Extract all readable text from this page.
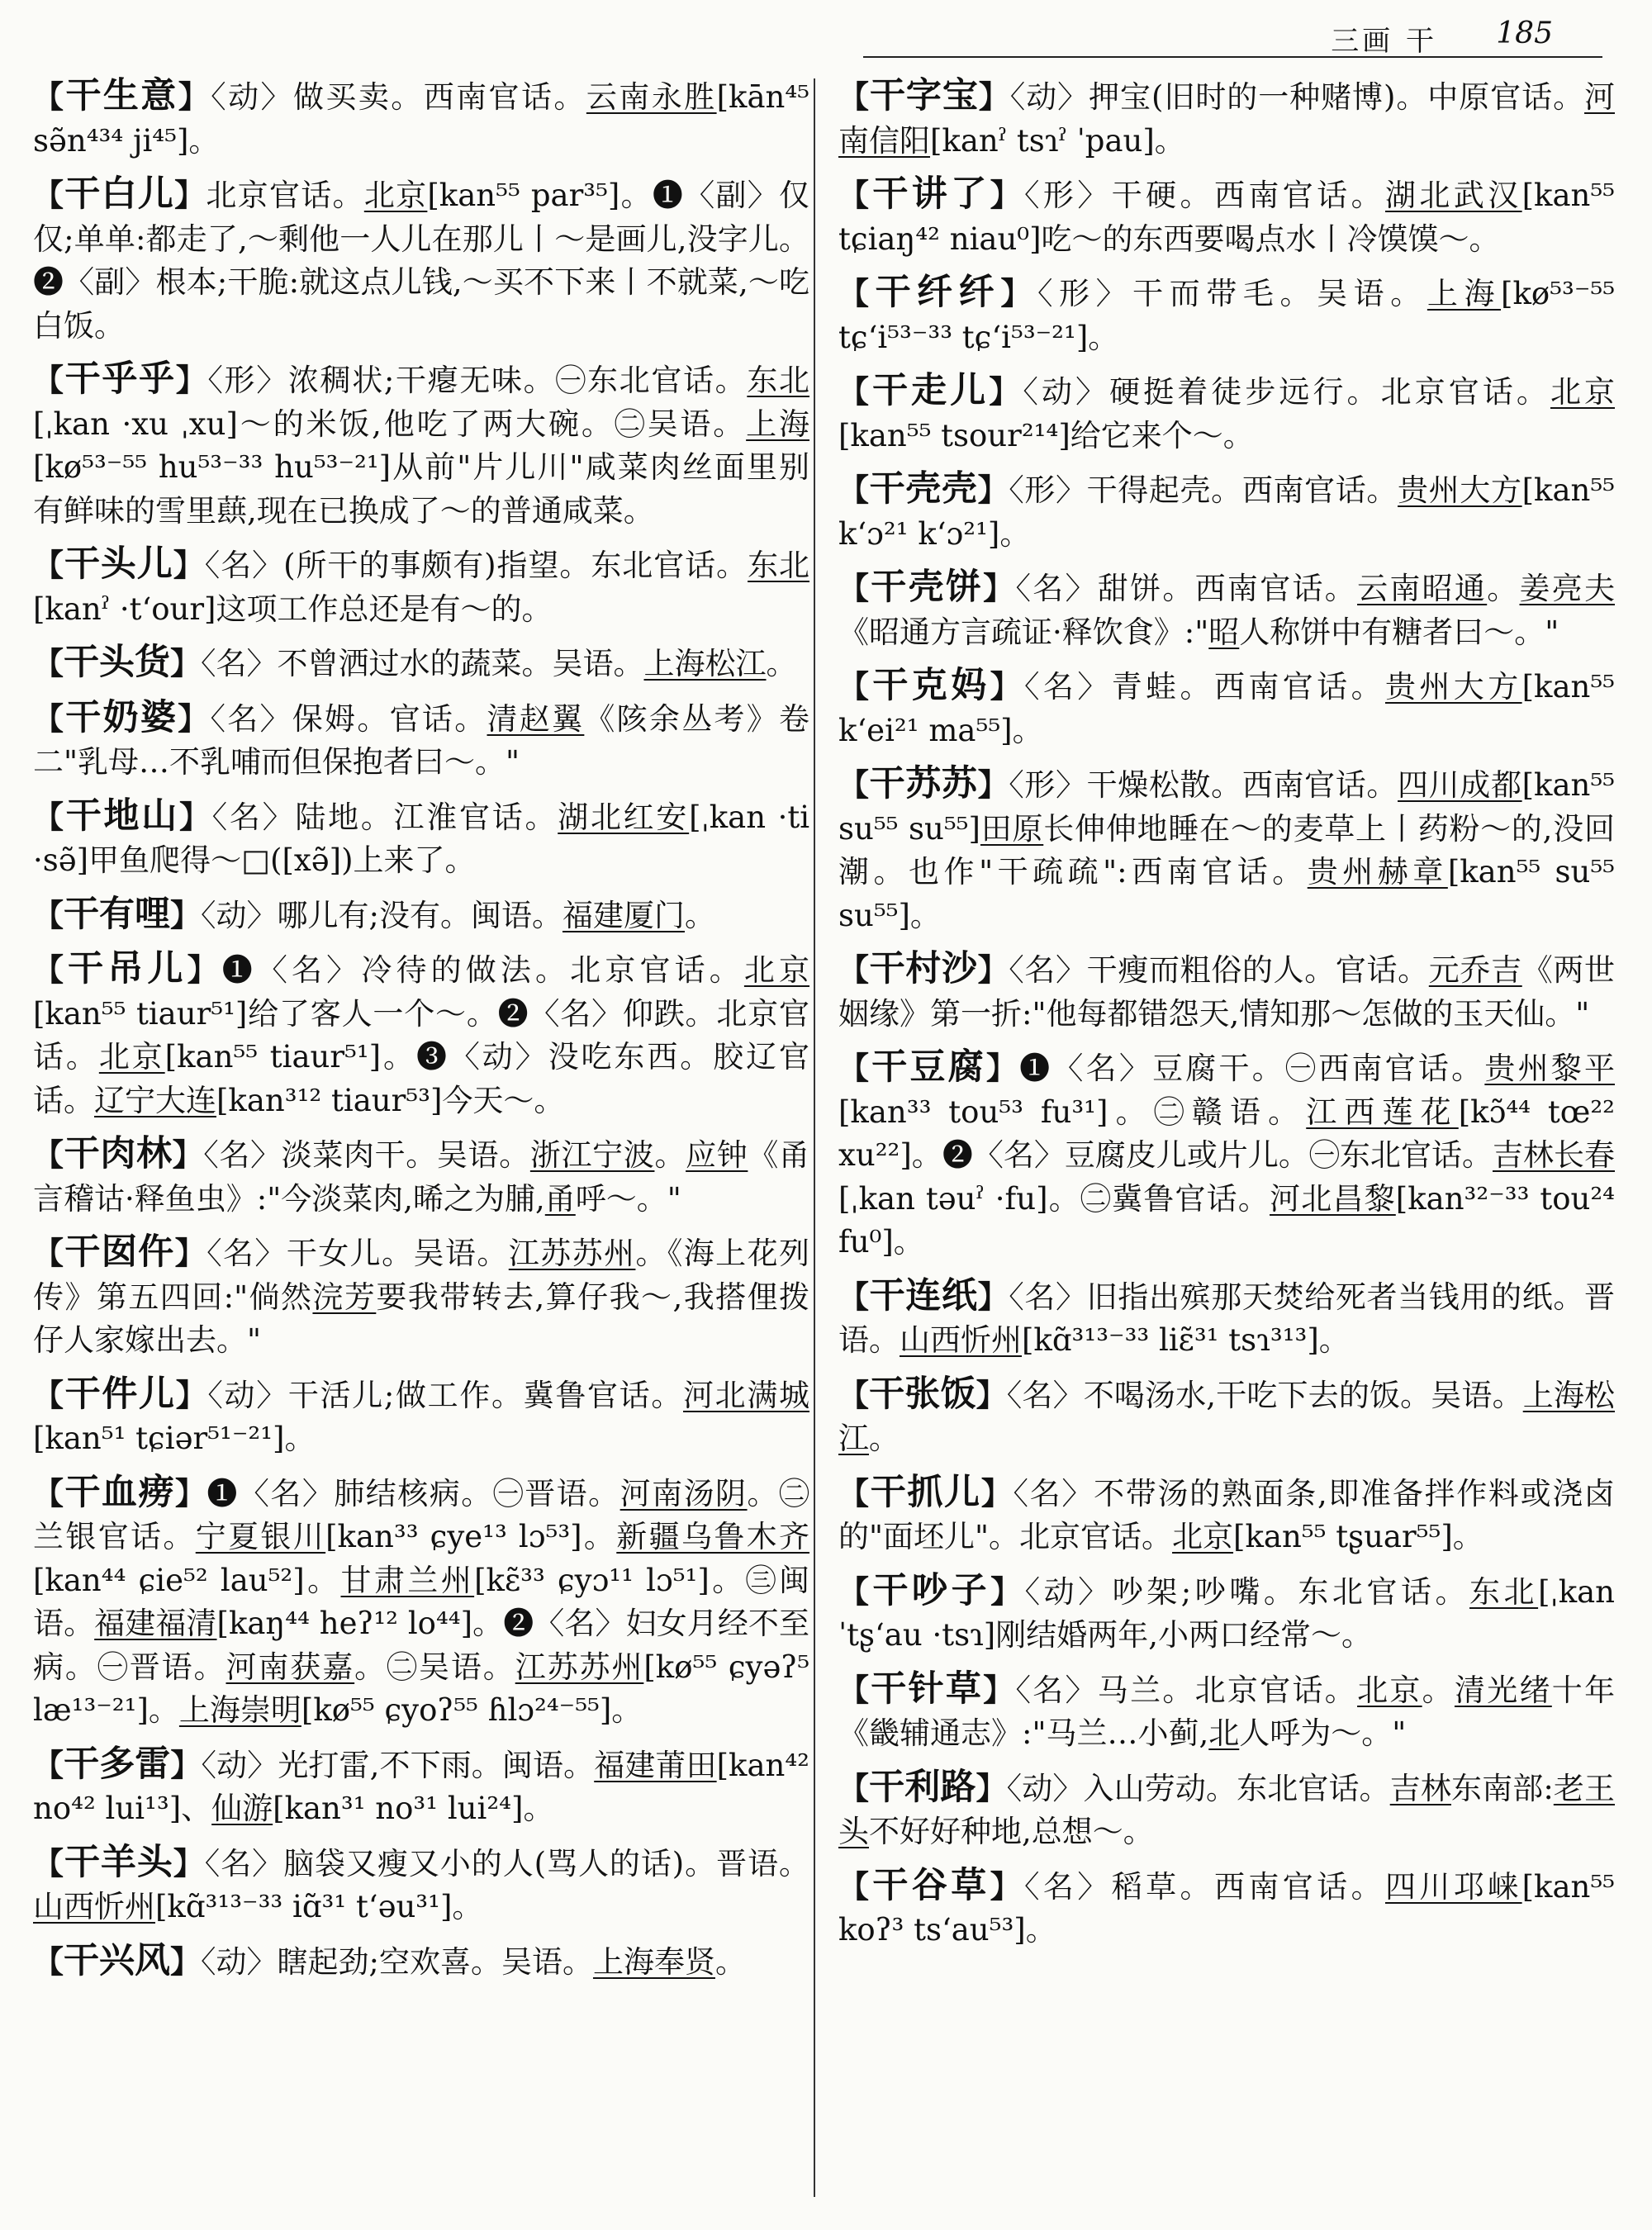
三画 干 185

【干生意】〈动〉做买卖。西南官话。云南永胜[kān⁴⁵ sə̃n⁴³⁴ ji⁴⁵]。

【干白儿】北京官话。北京[kan⁵⁵ par³⁵]。❶〈副〉仅仅;单单:都走了,～剩他一人儿在那儿丨～是画儿,没字儿。❷〈副〉根本;干脆:就这点儿钱,～买不下来丨不就菜,～吃白饭。

【干乎乎】〈形〉浓稠状;干瘪无味。㊀东北官话。东北[ˌkan ·xu ˌxu]～的米饭,他吃了两大碗。㊁吴语。上海[kø⁵³⁻⁵⁵ hu⁵³⁻³³ hu⁵³⁻²¹]从前"片儿川"咸菜肉丝面里别有鲜味的雪里蕻,现在已换成了～的普通咸菜。

【干头儿】〈名〉(所干的事颇有)指望。东北官话。东北[kanˀ ·tʻour]这项工作总还是有～的。

【干头货】〈名〉不曾洒过水的蔬菜。吴语。上海松江。

【干奶婆】〈名〉保姆。官话。清赵翼《陔余丛考》卷二"乳母…不乳哺而但保抱者曰～。"

【干地山】〈名〉陆地。江淮官话。湖北红安[ˌkan ·ti ·sə̃]甲鱼爬得～□([xə̃])上来了。

【干有哩】〈动〉哪儿有;没有。闽语。福建厦门。

【干吊儿】❶〈名〉冷待的做法。北京官话。北京[kan⁵⁵ tiaur⁵¹]给了客人一个～。❷〈名〉仰跌。北京官话。北京[kan⁵⁵ tiaur⁵¹]。❸〈动〉没吃东西。胶辽官话。辽宁大连[kan³¹² tiaur⁵³]今天～。

【干肉林】〈名〉淡菜肉干。吴语。浙江宁波。应钟《甬言稽诂·释鱼虫》:"今淡菜肉,晞之为脯,甬呼～。"

【干囡仵】〈名〉干女儿。吴语。江苏苏州。《海上花列传》第五四回:"倘然浣芳要我带转去,算仔我～,我搭俚拨仔人家嫁出去。"

【干件儿】〈动〉干活儿;做工作。冀鲁官话。河北满城[kan⁵¹ tɕiər⁵¹⁻²¹]。

【干血痨】❶〈名〉肺结核病。㊀晋语。河南汤阴。㊁兰银官话。宁夏银川[kan³³ ɕye¹³ lɔ⁵³]。新疆乌鲁木齐[kan⁴⁴ ɕie⁵² lau⁵²]。甘肃兰州[kɛ̃³³ ɕyɔ¹¹ lɔ⁵¹]。㊂闽语。福建福清[kaŋ⁴⁴ heʔ¹² lo⁴⁴]。❷〈名〉妇女月经不至病。㊀晋语。河南获嘉。㊁吴语。江苏苏州[kø⁵⁵ ɕyəʔ⁵ læ¹³⁻²¹]。上海崇明[kø⁵⁵ ɕyoʔ⁵⁵ ɦlɔ²⁴⁻⁵⁵]。

【干多雷】〈动〉光打雷,不下雨。闽语。福建莆田[kan⁴² no⁴² lui¹³]、仙游[kan³¹ no³¹ lui²⁴]。

【干羊头】〈名〉脑袋又瘦又小的人(骂人的话)。晋语。山西忻州[kɑ̃³¹³⁻³³ iɑ̃³¹ tʻəu³¹]。

【干兴风】〈动〉瞎起劲;空欢喜。吴语。上海奉贤。

【干字宝】〈动〉押宝(旧时的一种赌博)。中原官话。河南信阳[kanˀ tsɿˀ ˈpau]。

【干讲了】〈形〉干硬。西南官话。湖北武汉[kan⁵⁵ tɕiaŋ⁴² niau⁰]吃～的东西要喝点水丨冷馍馍～。

【干纤纤】〈形〉干而带毛。吴语。上海[kø⁵³⁻⁵⁵ tɕʻi⁵³⁻³³ tɕʻi⁵³⁻²¹]。

【干走儿】〈动〉硬挺着徒步远行。北京官话。北京[kan⁵⁵ tsour²¹⁴]给它来个～。

【干壳壳】〈形〉干得起壳。西南官话。贵州大方[kan⁵⁵ kʻɔ²¹ kʻɔ²¹]。

【干壳饼】〈名〉甜饼。西南官话。云南昭通。姜亮夫《昭通方言疏证·释饮食》:"昭人称饼中有糖者曰～。"

【干克妈】〈名〉青蛙。西南官话。贵州大方[kan⁵⁵ kʻei²¹ ma⁵⁵]。

【干苏苏】〈形〉干燥松散。西南官话。四川成都[kan⁵⁵ su⁵⁵ su⁵⁵]田原长伸伸地睡在～的麦草上丨药粉～的,没回潮。也作"干疏疏":西南官话。贵州赫章[kan⁵⁵ su⁵⁵ su⁵⁵]。

【干村沙】〈名〉干瘦而粗俗的人。官话。元乔吉《两世姻缘》第一折:"他每都错怨天,情知那～怎做的玉天仙。"

【干豆腐】❶〈名〉豆腐干。㊀西南官话。贵州黎平[kan³³ tou⁵³ fu³¹]。㊁赣语。江西莲花[kɔ̃⁴⁴ tœ²² xu²²]。❷〈名〉豆腐皮儿或片儿。㊀东北官话。吉林长春[ˌkan təuˀ ·fu]。㊁冀鲁官话。河北昌黎[kan³²⁻³³ tou²⁴ fu⁰]。

【干连纸】〈名〉旧指出殡那天焚给死者当钱用的纸。晋语。山西忻州[kɑ̃³¹³⁻³³ liɛ̃³¹ tsɿ³¹³]。

【干张饭】〈名〉不喝汤水,干吃下去的饭。吴语。上海松江。

【干抓儿】〈名〉不带汤的熟面条,即准备拌作料或浇卤的"面坯儿"。北京官话。北京[kan⁵⁵ tʂuar⁵⁵]。

【干吵子】〈动〉吵架;吵嘴。东北官话。东北[ˌkan ˈtʂʻau ·tsɿ]刚结婚两年,小两口经常～。

【干针草】〈名〉马兰。北京官话。北京。清光绪十年《畿辅通志》:"马兰…小蓟,北人呼为～。"

【干利路】〈动〉入山劳动。东北官话。吉林东南部:老王头不好好种地,总想～。

【干谷草】〈名〉稻草。西南官话。四川邛崃[kan⁵⁵ koʔ³ tsʻau⁵³]。
